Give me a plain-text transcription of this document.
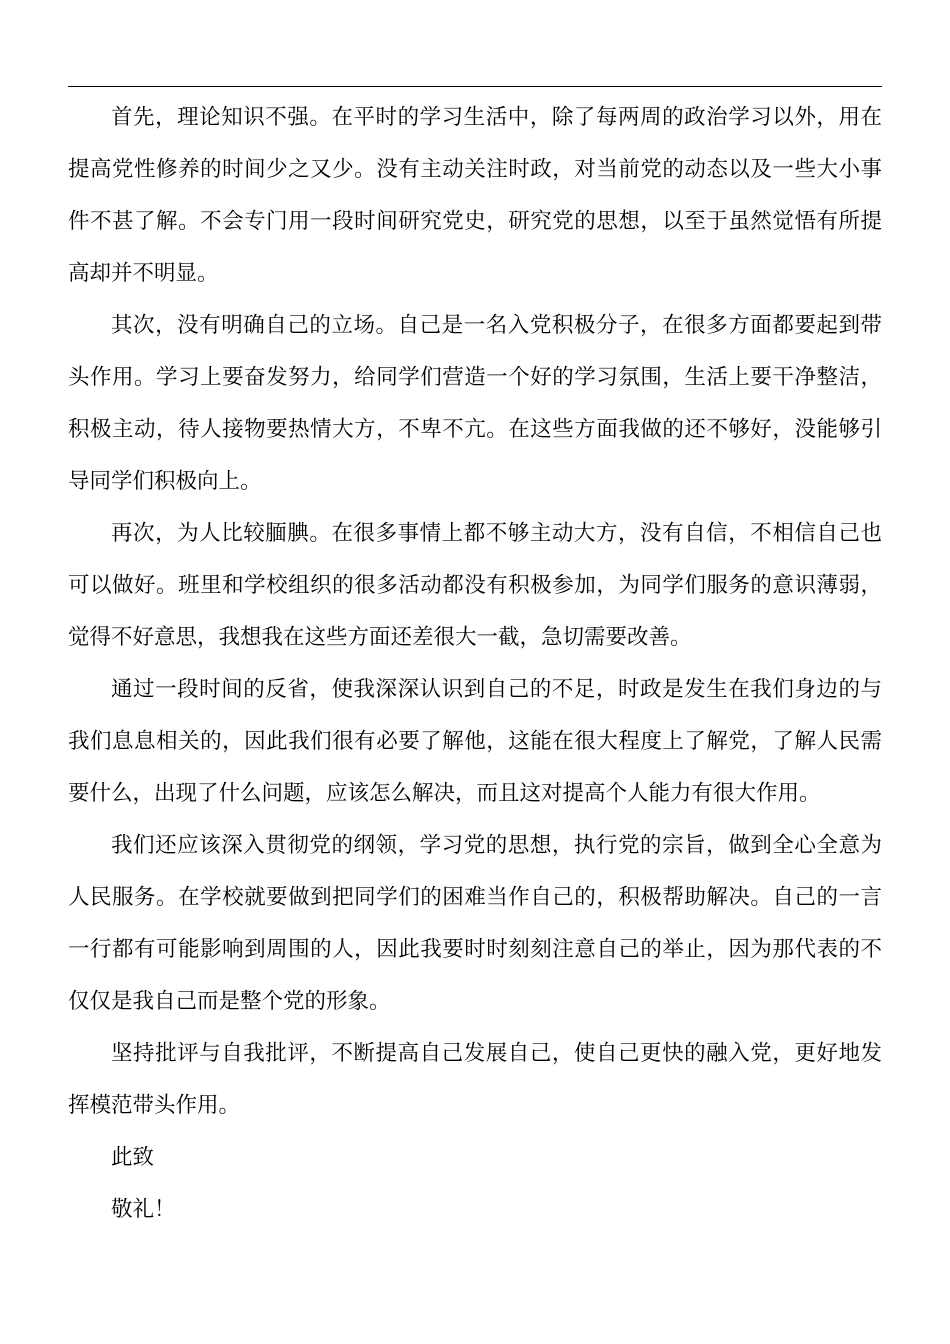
首先，理论知识不强。在平时的学习生活中，除了每两周的政治学习以外，用在提高党性修养的时间少之又少。没有主动关注时政，对当前党的动态以及一些大小事件不甚了解。不会专门用一段时间研究党史，研究党的思想，以至于虽然觉悟有所提高却并不明显。

其次，没有明确自己的立场。自己是一名入党积极分子，在很多方面都要起到带头作用。学习上要奋发努力，给同学们营造一个好的学习氛围，生活上要干净整洁，积极主动，待人接物要热情大方，不卑不亢。在这些方面我做的还不够好，没能够引导同学们积极向上。

再次，为人比较腼腆。在很多事情上都不够主动大方，没有自信，不相信自己也可以做好。班里和学校组织的很多活动都没有积极参加，为同学们服务的意识薄弱，觉得不好意思，我想我在这些方面还差很大一截，急切需要改善。

通过一段时间的反省，使我深深认识到自己的不足，时政是发生在我们身边的与我们息息相关的，因此我们很有必要了解他，这能在很大程度上了解党，了解人民需要什么，出现了什么问题，应该怎么解决，而且这对提高个人能力有很大作用。

我们还应该深入贯彻党的纲领，学习党的思想，执行党的宗旨，做到全心全意为人民服务。在学校就要做到把同学们的困难当作自己的，积极帮助解决。自己的一言一行都有可能影响到周围的人，因此我要时时刻刻注意自己的举止，因为那代表的不仅仅是我自己而是整个党的形象。

坚持批评与自我批评，不断提高自己发展自己，使自己更快的融入党，更好地发挥模范带头作用。

此致

敬礼！
